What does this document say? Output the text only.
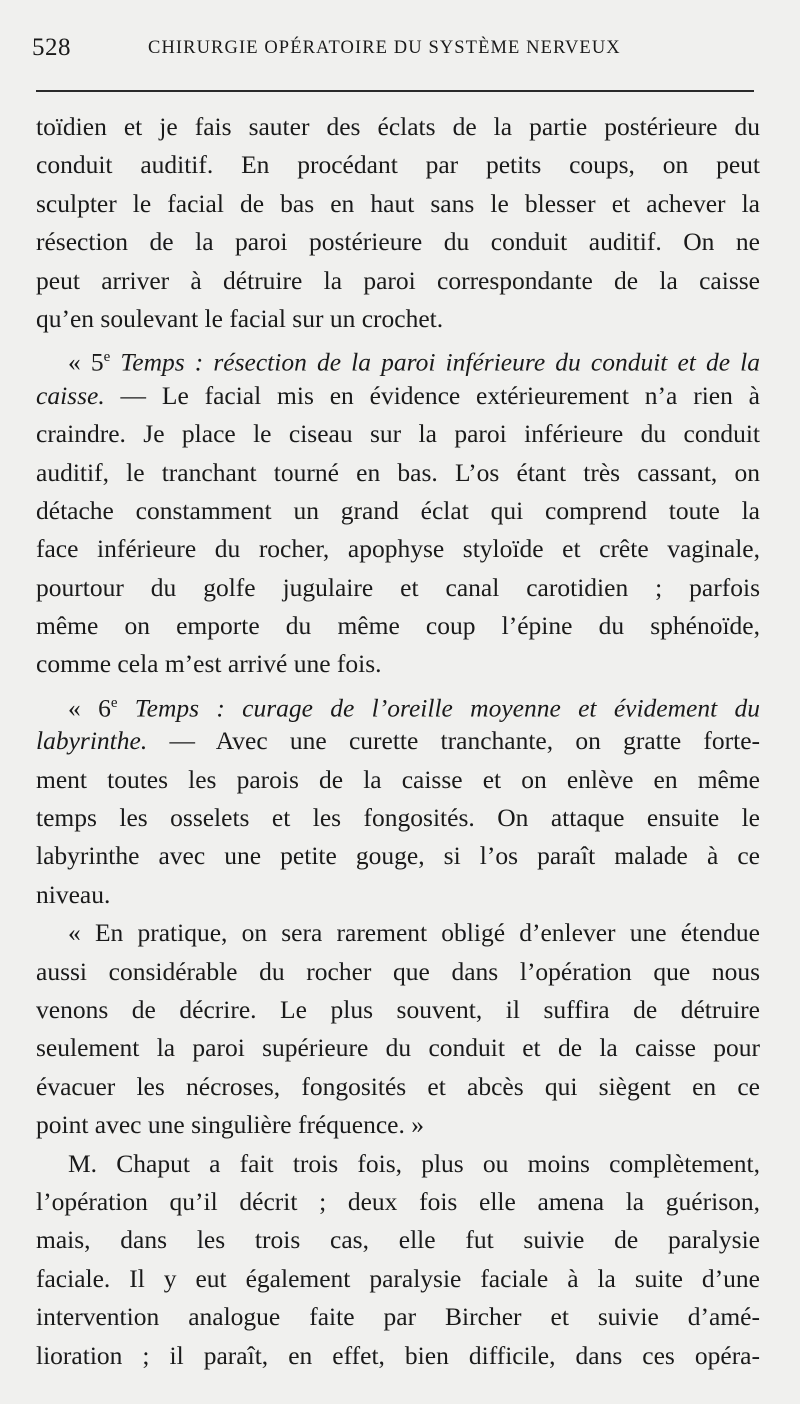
528	CHIRURGIE OPÉRATOIRE DU SYSTÈME NERVEUX
toïdien et je fais sauter des éclats de la partie postérieure du
conduit auditif. En procédant par petits coups, on peut
sculpter le facial de bas en haut sans le blesser et achever la
résection de la paroi postérieure du conduit auditif. On ne
peut arriver à détruire la paroi correspondante de la caisse
qu’en soulevant le facial sur un crochet.
« 5e Temps : résection de la paroi inférieure du conduit et de la
caisse. — Le facial mis en évidence extérieurement n’a rien à
craindre. Je place le ciseau sur la paroi inférieure du conduit
auditif, le tranchant tourné en bas. L’os étant très cassant, on
détache constamment un grand éclat qui comprend toute la
face inférieure du rocher, apophyse styloïde et crête vaginale,
pourtour du golfe jugulaire et canal carotidien ; parfois
même on emporte du même coup l’épine du sphénoïde,
comme cela m’est arrivé une fois.
« 6e Temps : curage de l’oreille moyenne et évidement du
labyrinthe. — Avec une curette tranchante, on gratte forte-
ment toutes les parois de la caisse et on enlève en même
temps les osselets et les fongosités. On attaque ensuite le
labyrinthe avec une petite gouge, si l’os paraît malade à ce
niveau.
« En pratique, on sera rarement obligé d’enlever une étendue
aussi considérable du rocher que dans l’opération que nous
venons de décrire. Le plus souvent, il suffira de détruire
seulement la paroi supérieure du conduit et de la caisse pour
évacuer les nécroses, fongosités et abcès qui siègent en ce
point avec une singulière fréquence. »
M. Chaput a fait trois fois, plus ou moins complètement,
l’opération qu’il décrit ; deux fois elle amena la guérison,
mais, dans les trois cas, elle fut suivie de paralysie
faciale. Il y eut également paralysie faciale à la suite d’une
intervention analogue faite par Bircher et suivie d’amé-
lioration ; il paraît, en effet, bien difficile, dans ces opéra-
